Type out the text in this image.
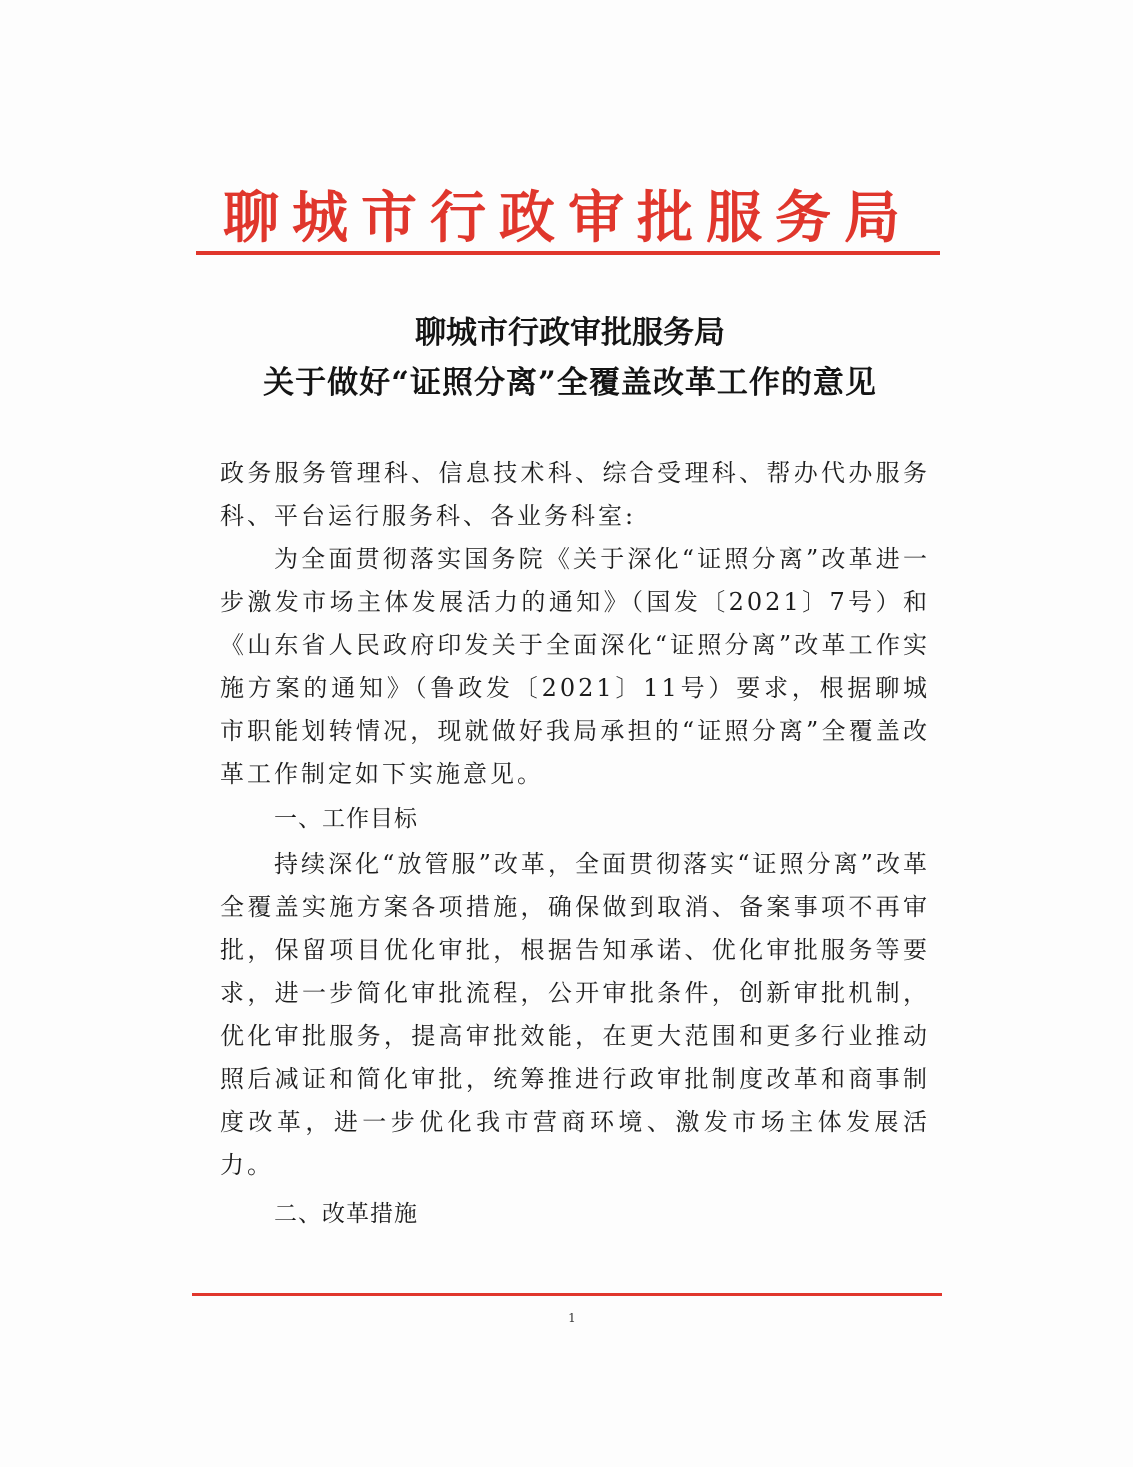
聊城市行政审批服务局
聊城市行政审批服务局
关于做好“证照分离”全覆盖改革工作的意见

政务服务管理科、信息技术科、综合受理科、帮办代办服务科、平台运行服务科、各业务科室:

为全面贯彻落实国务院《关于深化“证照分离”改革进一步激发市场主体发展活力的通知》（国发〔2021〕7号）和《山东省人民政府印发关于全面深化“证照分离”改革工作实施方案的通知》（鲁政发〔2021〕11号）要求，根据聊城市职能划转情况，现就做好我局承担的“证照分离”全覆盖改革工作制定如下实施意见。

一、工作目标

持续深化“放管服”改革，全面贯彻落实“证照分离”改革全覆盖实施方案各项措施，确保做到取消、备案事项不再审批，保留项目优化审批，根据告知承诺、优化审批服务等要求，进一步简化审批流程，公开审批条件，创新审批机制，优化审批服务，提高审批效能，在更大范围和更多行业推动照后减证和简化审批，统筹推进行政审批制度改革和商事制度改革，进一步优化我市营商环境、激发市场主体发展活力。

二、改革措施
1
